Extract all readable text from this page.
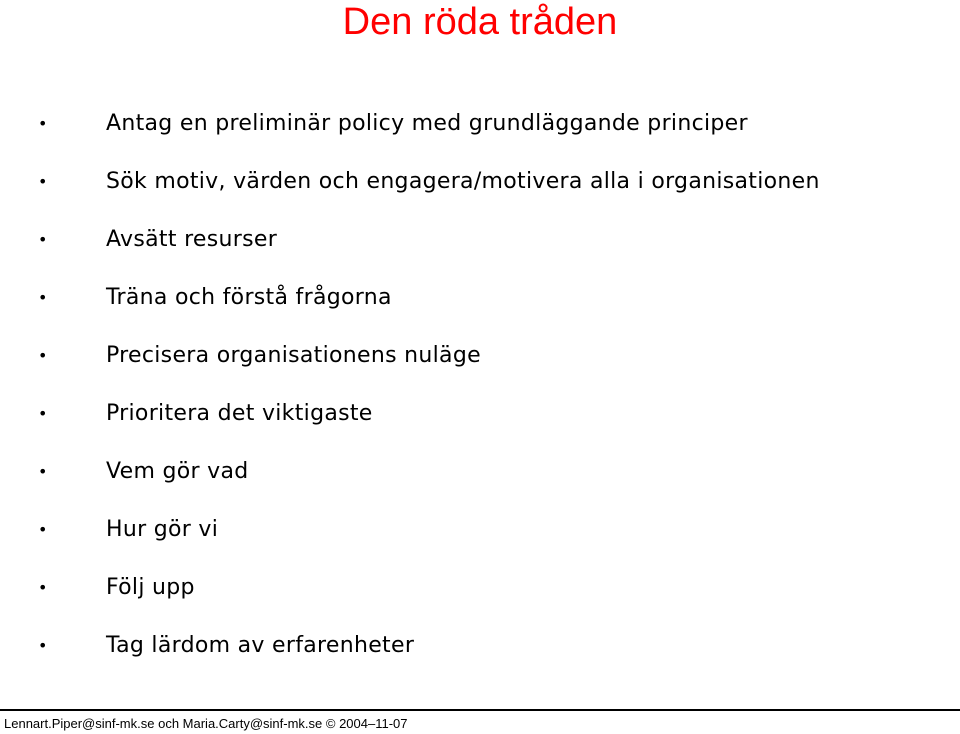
Den röda tråden
•	Antag en preliminär policy med grundläggande principer
•	Sök motiv, värden och engagera/motivera alla i organisationen
•	Avsätt resurser
•	Träna och förstå frågorna
•	Precisera organisationens nuläge
•	Prioritera det viktigaste
•	Vem gör vad
•	Hur gör vi
•	Följ upp
•	Tag lärdom av erfarenheter
Lennart.Piper@sinf-mk.se och Maria.Carty@sinf-mk.se © 2004–11-07
